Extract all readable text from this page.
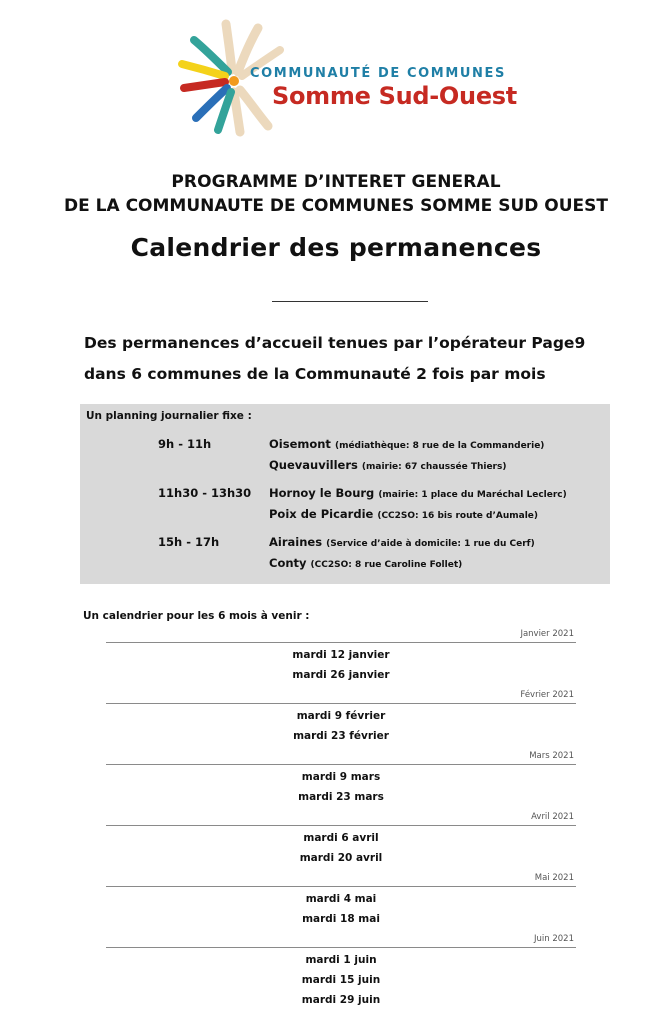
COMMUNAUTÉ DE COMMUNES
Somme Sud-Ouest
PROGRAMME D’INTERET GENERAL
DE LA COMMUNAUTE DE COMMUNES SOMME SUD OUEST
Calendrier des permanences
Des permanences d’accueil tenues par l’opérateur Page9
dans 6 communes de la Communauté 2 fois par mois
Un planning journalier fixe :
9h - 11h	Oisemont (médiathèque: 8 rue de la Commanderie)
Quevauvillers (mairie: 67 chaussée Thiers)
11h30 - 13h30 Hornoy le Bourg (mairie: 1 place du Maréchal Leclerc)
Poix de Picardie (CC2SO: 16 bis route d’Aumale)
15h - 17h	Airaines (Service d’aide à domicile: 1 rue du Cerf)
Conty (CC2SO: 8 rue Caroline Follet)
Un calendrier pour les 6 mois à venir :
Janvier 2021
mardi 12 janvier
mardi 26 janvier
Février 2021
mardi 9 février
mardi 23 février
Mars 2021
mardi 9 mars
mardi 23 mars
Avril 2021
mardi 6 avril
mardi 20 avril
Mai 2021
mardi 4 mai
mardi 18 mai
Juin 2021
mardi 1 juin
mardi 15 juin
mardi 29 juin
